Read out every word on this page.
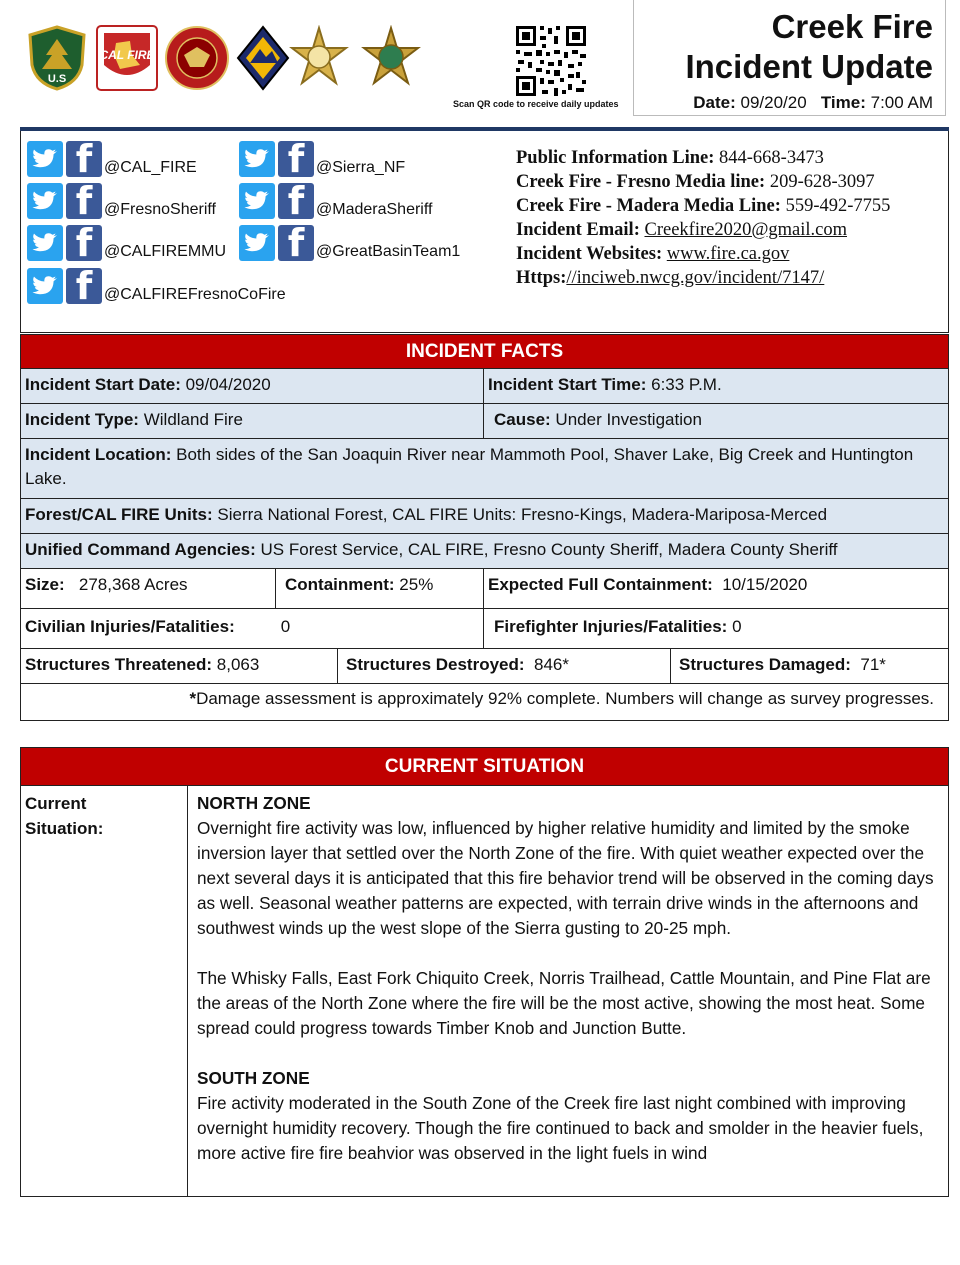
U.S
CAL FIRE
Scan QR code to receive daily updates
Creek Fire
Incident Update
Date: 09/20/20 Time: 7:00 AM
f @CAL_FIRE
f @FresnoSheriff
f @CALFIREMMU
f @CALFIREFresnoCoFire
f @Sierra_NF
f @MaderaSheriff
f @GreatBasinTeam1
Public Information Line: 844-668-3473
Creek Fire - Fresno Media line: 209-628-3097
Creek Fire - Madera Media Line: 559-492-7755
Incident Email: Creekfire2020@gmail.com
Incident Websites: www.fire.ca.gov
Https://inciweb.nwcg.gov/incident/7147/
INCIDENT FACTS
Incident Start Date: 09/04/2020	Incident Start Time: 6:33 P.M.
Incident Type: Wildland Fire	Cause: Under Investigation
Incident Location: Both sides of the San Joaquin River near Mammoth Pool, Shaver Lake, Big Creek and Huntington Lake.
Forest/CAL FIRE Units: Sierra National Forest, CAL FIRE Units: Fresno-Kings, Madera-Mariposa-Merced
Unified Command Agencies: US Forest Service, CAL FIRE, Fresno County Sheriff, Madera County Sheriff
Size: 278,368 Acres	Containment: 25%	Expected Full Containment: 10/15/2020
Civilian Injuries/Fatalities:	0	Firefighter Injuries/Fatalities: 0
Structures Threatened: 8,063	Structures Destroyed: 846*	Structures Damaged: 71*
*Damage assessment is approximately 92% complete. Numbers will change as survey progresses.
CURRENT SITUATION
Current
Situation:
NORTH ZONE

Overnight fire activity was low, influenced by higher relative humidity and limited by the smoke inversion layer that settled over the North Zone of the fire. With quiet weather expected over the next several days it is anticipated that this fire behavior trend will be observed in the coming days as well. Seasonal weather patterns are expected, with terrain drive winds in the afternoons and southwest winds up the west slope of the Sierra gusting to 20-25 mph.

The Whisky Falls, East Fork Chiquito Creek, Norris Trailhead, Cattle Mountain, and Pine Flat are the areas of the North Zone where the fire will be the most active, showing the most heat. Some spread could progress towards Timber Knob and Junction Butte.

SOUTH ZONE

Fire activity moderated in the South Zone of the Creek fire last night combined with improving overnight humidity recovery. Though the fire continued to back and smolder in the heavier fuels, more active fire fire beahvior was observed in the light fuels in wind
